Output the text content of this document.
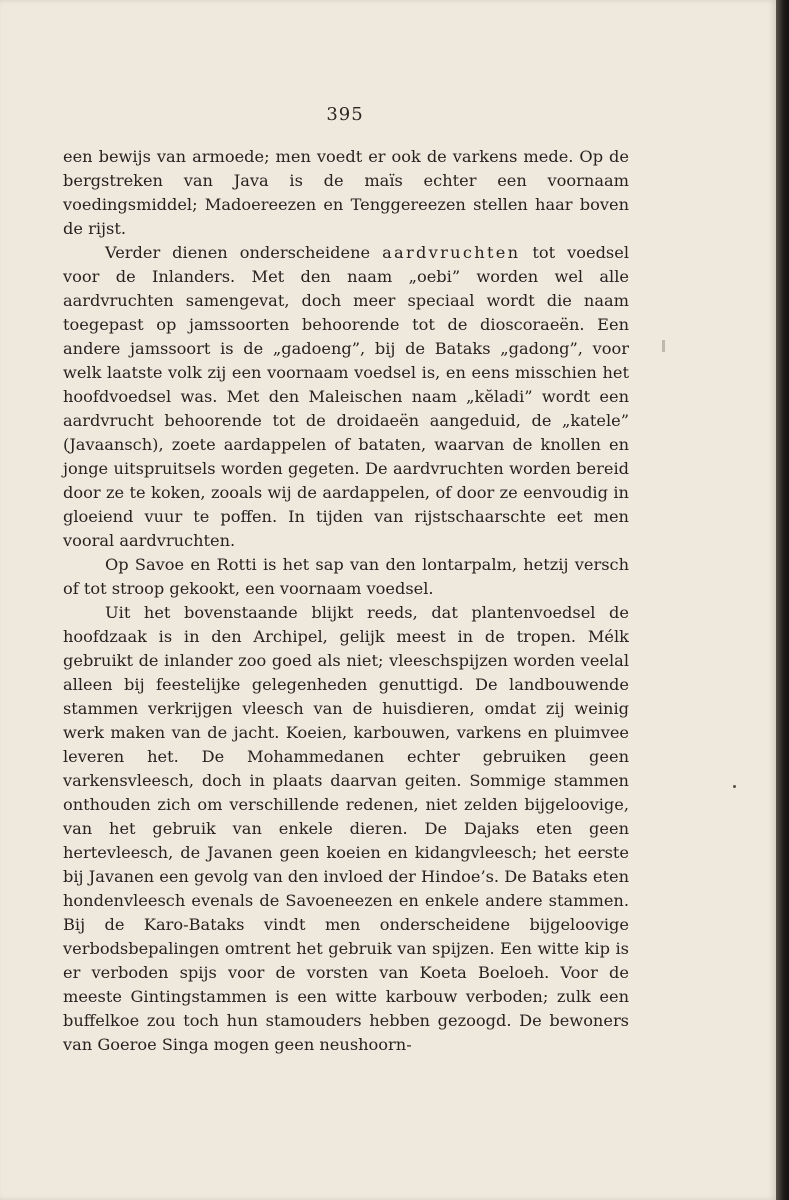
395

een bewijs van armoede; men voedt er ook de varkens mede. Op de bergstreken van Java is de maïs echter een voornaam voedingsmiddel; Madoereezen en Tenggereezen stellen haar boven de rijst.

Verder dienen onderscheidene aardvruchten tot voedsel voor de Inlanders. Met den naam „oebi” worden wel alle aardvruchten samengevat, doch meer speciaal wordt die naam toegepast op jamssoorten behoorende tot de dioscoraeën. Een andere jamssoort is de „gadoeng”, bij de Bataks „gadong”, voor welk laatste volk zij een voornaam voedsel is, en eens misschien het hoofdvoedsel was. Met den Maleischen naam „kĕladi” wordt een aardvrucht behoorende tot de droidaeën aangeduid, de „katele” (Javaansch), zoete aardappelen of bataten, waarvan de knollen en jonge uitspruitsels worden gegeten. De aardvruchten worden bereid door ze te koken, zooals wij de aardappelen, of door ze eenvoudig in gloeiend vuur te poffen. In tijden van rijstschaarschte eet men vooral aardvruchten.

Op Savoe en Rotti is het sap van den lontarpalm, hetzij versch of tot stroop gekookt, een voornaam voedsel.

Uit het bovenstaande blijkt reeds, dat plantenvoedsel de hoofdzaak is in den Archipel, gelijk meest in de tropen. Mélk gebruikt de inlander zoo goed als niet; vleeschspijzen worden veelal alleen bij feestelijke gelegenheden genuttigd. De landbouwende stammen verkrijgen vleesch van de huisdieren, omdat zij weinig werk maken van de jacht. Koeien, karbouwen, varkens en pluimvee leveren het. De Mohammedanen echter gebruiken geen varkensvleesch, doch in plaats daarvan geiten. Sommige stammen onthouden zich om verschillende redenen, niet zelden bijgeloovige, van het gebruik van enkele dieren. De Dajaks eten geen hertevleesch, de Javanen geen koeien en kidangvleesch; het eerste bij Javanen een gevolg van den invloed der Hindoe’s. De Bataks eten hondenvleesch evenals de Savoeneezen en enkele andere stammen. Bij de Karo-Bataks vindt men onderscheidene bijgeloovige verbodsbepalingen omtrent het gebruik van spijzen. Een witte kip is er verboden spijs voor de vorsten van Koeta Boeloeh. Voor de meeste Gintingstammen is een witte karbouw verboden; zulk een buffelkoe zou toch hun stamouders hebben gezoogd. De bewoners van Goeroe Singa mogen geen neushoorn-
